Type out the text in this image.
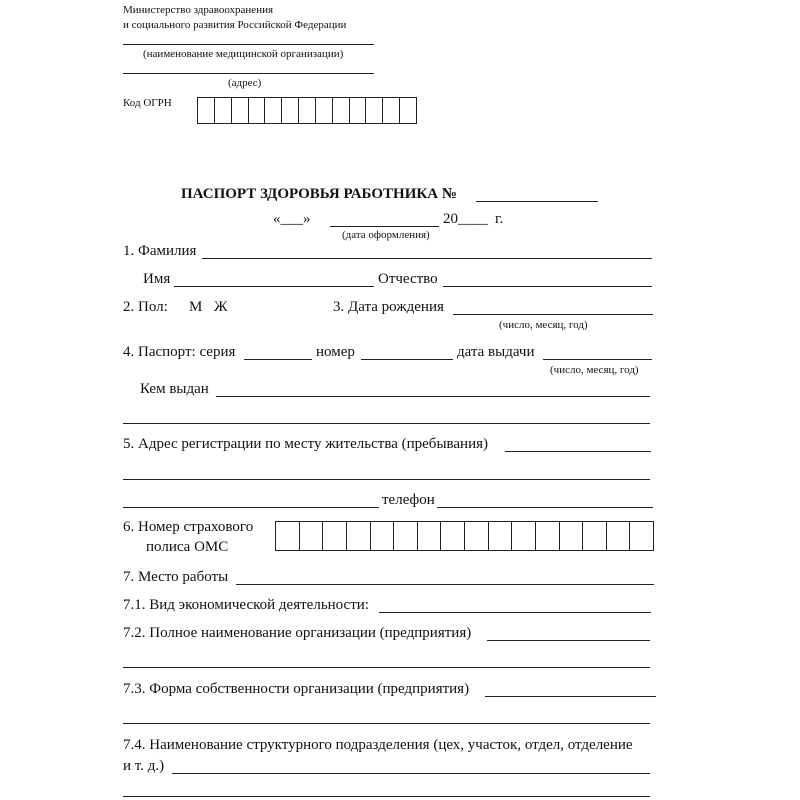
Министерство здравоохранения
и социального развития Российской Федерации
(наименование медицинской организации)
(адрес)
Код ОГРН
ПАСПОРТ ЗДОРОВЬЯ РАБОТНИКА №
«___»	20____ г.
(дата оформления)
1. Фамилия
Имя	Отчество
2. Пол: М Ж	3. Дата рождения
(число, месяц, год)
4. Паспорт: серия	номер	дата выдачи
(число, месяц, год)
Кем выдан
5. Адрес регистрации по месту жительства (пребывания)
телефон
6. Номер страхового
полиса ОМС
7. Место работы
7.1. Вид экономической деятельности:
7.2. Полное наименование организации (предприятия)
7.3. Форма собственности организации (предприятия)
7.4. Наименование структурного подразделения (цех, участок, отдел, отделение
и т. д.)
